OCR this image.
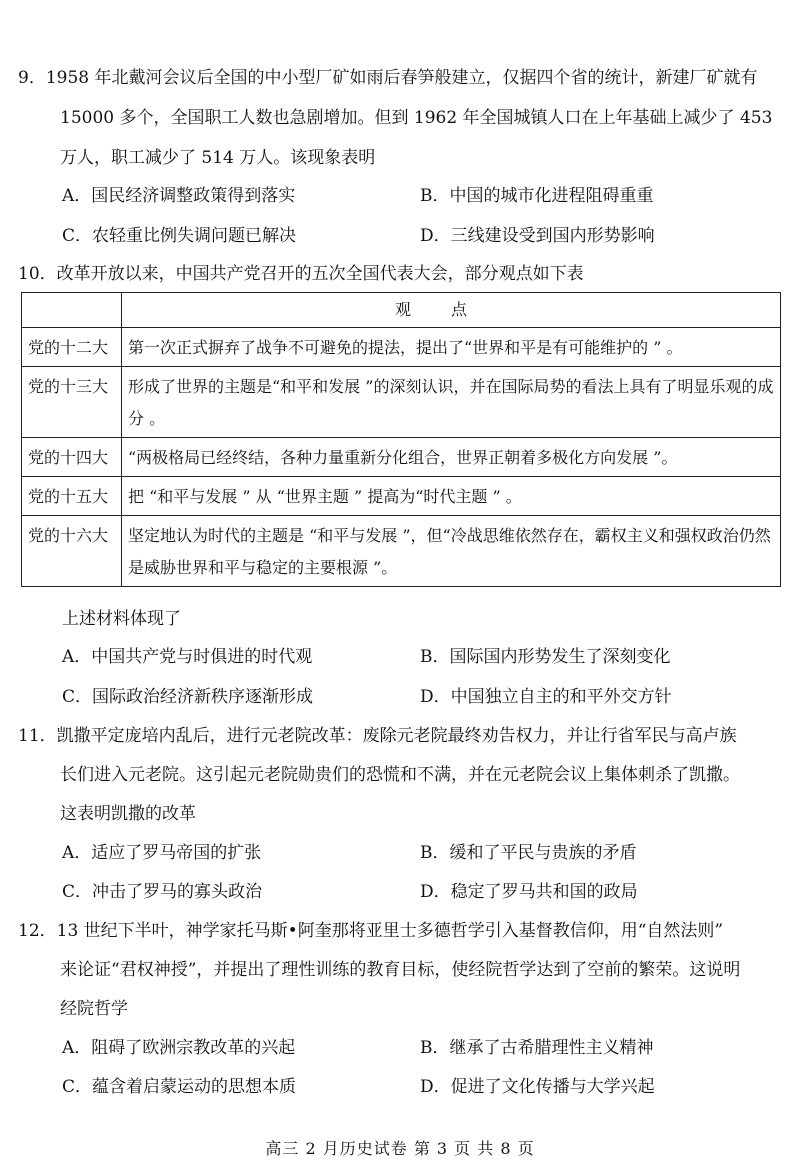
9．1958 年北戴河会议后全国的中小型厂矿如雨后春笋般建立，仅据四个省的统计，新建厂矿就有
15000 多个，全国职工人数也急剧增加。但到 1962 年全国城镇人口在上年基础上减少了 453
万人，职工减少了 514 万人。该现象表明
A．国民经济调整政策得到落实	B．中国的城市化进程阻碍重重
C．农轻重比例失调问题已解决	D．三线建设受到国内形势影响
10．改革开放以来，中国共产党召开的五次全国代表大会，部分观点如下表
	观点
党的十二大	第一次正式摒弃了战争不可避免的提法，提出了“世界和平是有可能维护的 ” 。
党的十三大	形成了世界的主题是“和平和发展 ”的深刻认识，并在国际局势的看法上具有了明显乐观的成分 。
党的十四大	“两极格局已经终结，各种力量重新分化组合，世界正朝着多极化方向发展 ”。
党的十五大	把 “和平与发展 ” 从 “世界主题 ” 提高为“时代主题 ” 。
党的十六大	坚定地认为时代的主题是 “和平与发展 ”，但“冷战思维依然存在，霸权主义和强权政治仍然是威胁世界和平与稳定的主要根源 ”。
上述材料体现了
A．中国共产党与时俱进的时代观	B．国际国内形势发生了深刻变化
C．国际政治经济新秩序逐渐形成	D．中国独立自主的和平外交方针
11．凯撒平定庞培内乱后，进行元老院改革：废除元老院最终劝告权力，并让行省军民与高卢族
长们进入元老院。这引起元老院勋贵们的恐慌和不满，并在元老院会议上集体刺杀了凯撒。
这表明凯撒的改革
A．适应了罗马帝国的扩张	B．缓和了平民与贵族的矛盾
C．冲击了罗马的寡头政治	D．稳定了罗马共和国的政局
12．13 世纪下半叶，神学家托马斯•阿奎那将亚里士多德哲学引入基督教信仰，用“自然法则”
来论证“君权神授”，并提出了理性训练的教育目标，使经院哲学达到了空前的繁荣。这说明
经院哲学
A．阻碍了欧洲宗教改革的兴起	B．继承了古希腊理性主义精神
C．蕴含着启蒙运动的思想本质	D．促进了文化传播与大学兴起
高三 2 月历史试卷 第 3 页 共 8 页
